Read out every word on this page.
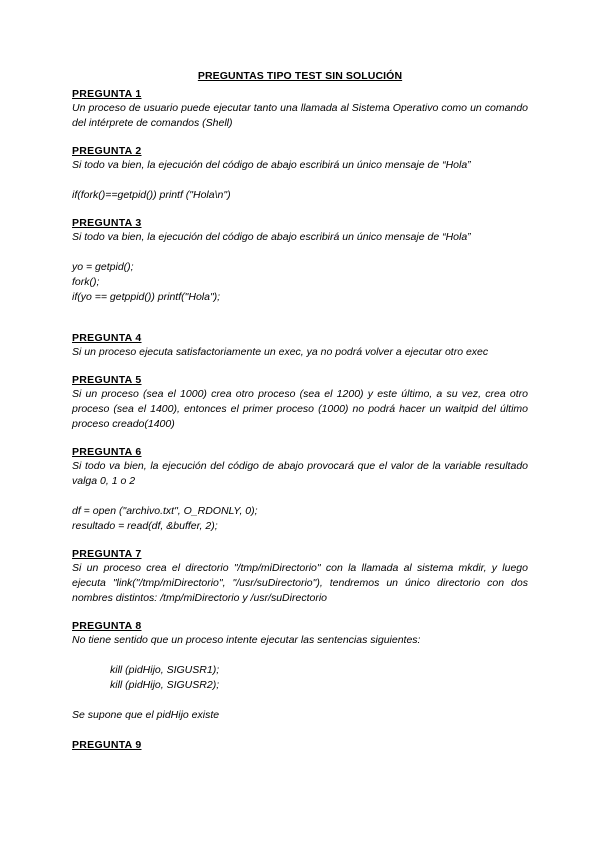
PREGUNTAS TIPO TEST SIN SOLUCIÓN

PREGUNTA 1

Un proceso de usuario puede ejecutar tanto una llamada al Sistema Operativo como un comando del intérprete de comandos (Shell)

PREGUNTA 2

Si todo va bien, la ejecución del código de abajo escribirá un único mensaje de “Hola”

if(fork()==getpid()) printf ("Hola\n")

PREGUNTA 3

Si todo va bien, la ejecución del código de abajo escribirá un único mensaje de “Hola”

yo = getpid();

fork();

if(yo == getppid()) printf("Hola");

PREGUNTA 4

Si un proceso ejecuta satisfactoriamente un exec, ya no podrá volver a ejecutar otro exec

PREGUNTA 5

Si un proceso (sea el 1000) crea otro proceso (sea el 1200) y este último, a su vez, crea otro proceso (sea el 1400), entonces el primer proceso (1000) no podrá hacer un waitpid del último proceso creado(1400)

PREGUNTA 6

Si todo va bien, la ejecución del código de abajo provocará que el valor de la variable resultado valga 0, 1 o 2

df = open ("archivo.txt", O_RDONLY, 0);

resultado = read(df, &buffer, 2);

PREGUNTA 7

Si un proceso crea el directorio "/tmp/miDirectorio" con la llamada al sistema mkdir, y luego ejecuta "link("/tmp/miDirectorio", "/usr/suDirectorio"), tendremos un único directorio con dos nombres distintos: /tmp/miDirectorio y /usr/suDirectorio

PREGUNTA 8

No tiene sentido que un proceso intente ejecutar las sentencias siguientes:

kill (pidHijo, SIGUSR1);

kill (pidHijo, SIGUSR2);

Se supone que el pidHijo existe

PREGUNTA 9
